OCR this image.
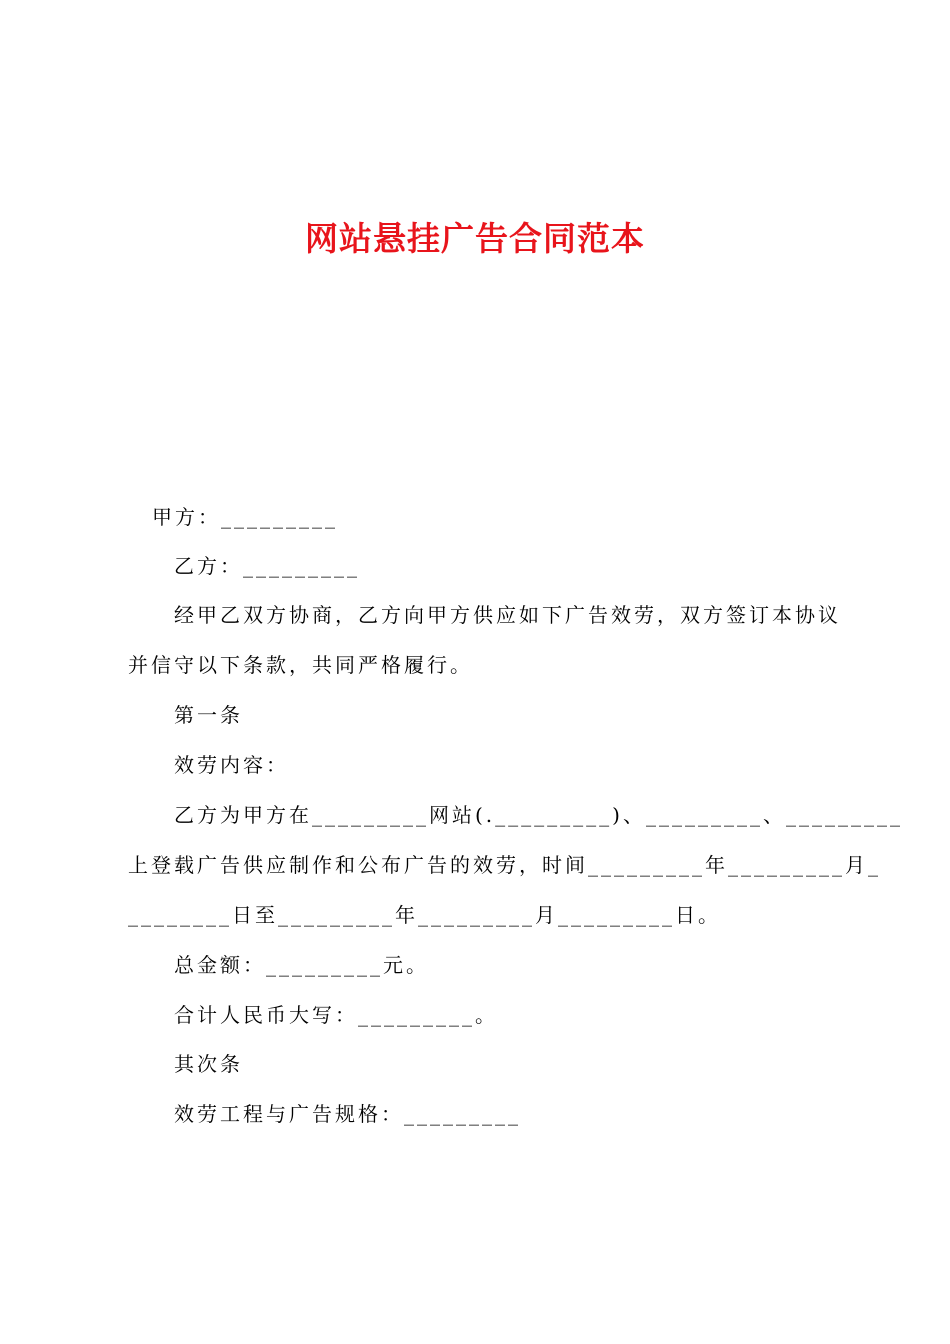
网站悬挂广告合同范本
甲方：_________
乙方：_________
经甲乙双方协商，乙方向甲方供应如下广告效劳，双方签订本协议
并信守以下条款，共同严格履行。
第一条
效劳内容：
乙方为甲方在_________网站(._________)、_________、_________
上登载广告供应制作和公布广告的效劳，时间_________年_________月_
________日至_________年_________月_________日。
总金额：_________元。
合计人民币大写：_________。
其次条
效劳工程与广告规格：_________
